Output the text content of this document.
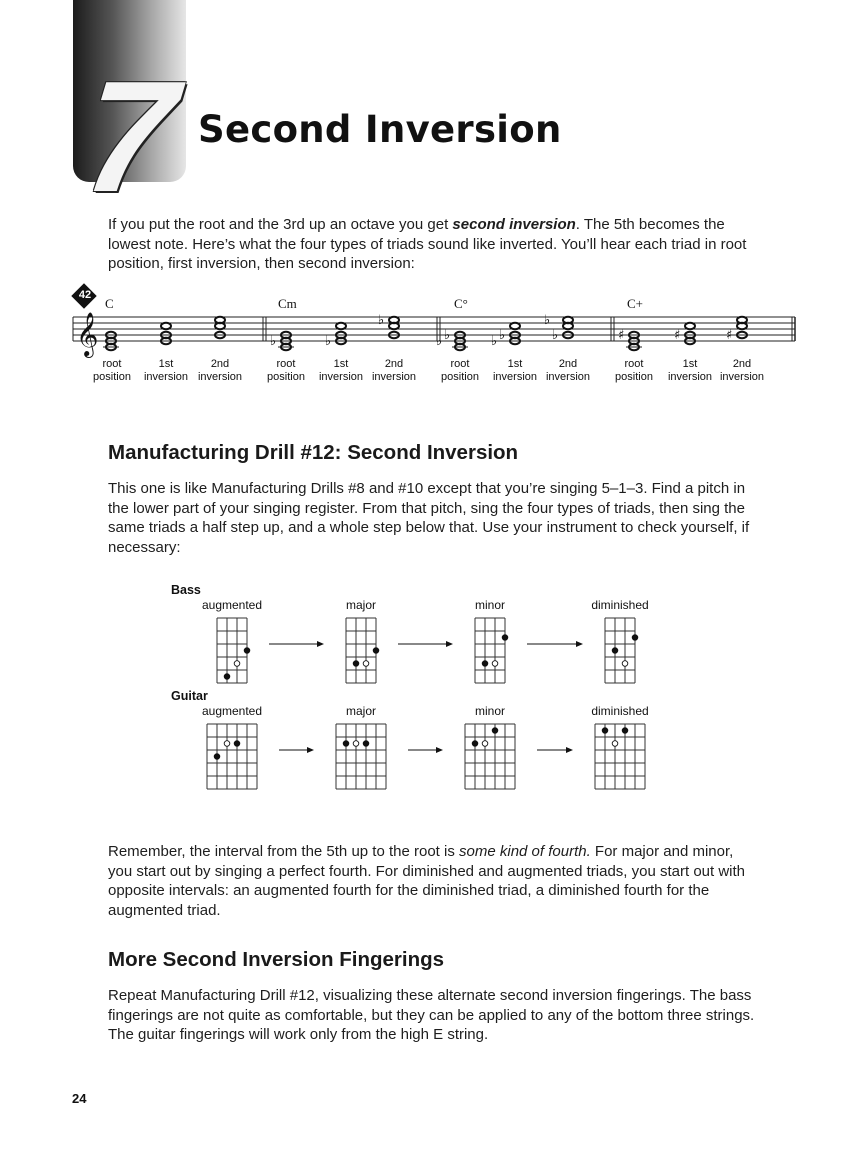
7 Second Inversion

If you put the root and the 3rd up an octave you get second inversion. The 5th becomes the lowest note. Here’s what the four types of triads sound like inverted. You’ll hear each triad in root position, first inversion, then second inversion:

42
C	Cm	C°	C+
𝄞	♭	♭
♭
♭ ♭	♭ ♭	♭
♭
♯	♯	♯
root
position
1st
inversion
2nd
inversion
root
position
1st
inversion
2nd
inversion
root
position
1st
inversion
2nd
inversion
root
position
1st
inversion
2nd
inversion
Manufacturing Drill #12: Second Inversion

This one is like Manufacturing Drills #8 and #10 except that you’re singing 5–1–3. Find a pitch in the lower part of your singing register. From that pitch, sing the four types of triads, then sing the same triads a half step up, and a whole step below that. Use your instrument to check yourself, if necessary:

Bass
Guitar
augmented	major	minor	diminished
augmented	major	minor	diminished

Remember, the interval from the 5th up to the root is some kind of fourth. For major and minor, you start out by singing a perfect fourth. For diminished and augmented triads, you start out with opposite intervals: an augmented fourth for the diminished triad, a diminished fourth for the augmented triad.

More Second Inversion Fingerings

Repeat Manufacturing Drill #12, visualizing these alternate second inversion fingerings. The bass fingerings are not quite as comfortable, but they can be applied to any of the bottom three strings. The guitar fingerings will work only from the high E string.

24
